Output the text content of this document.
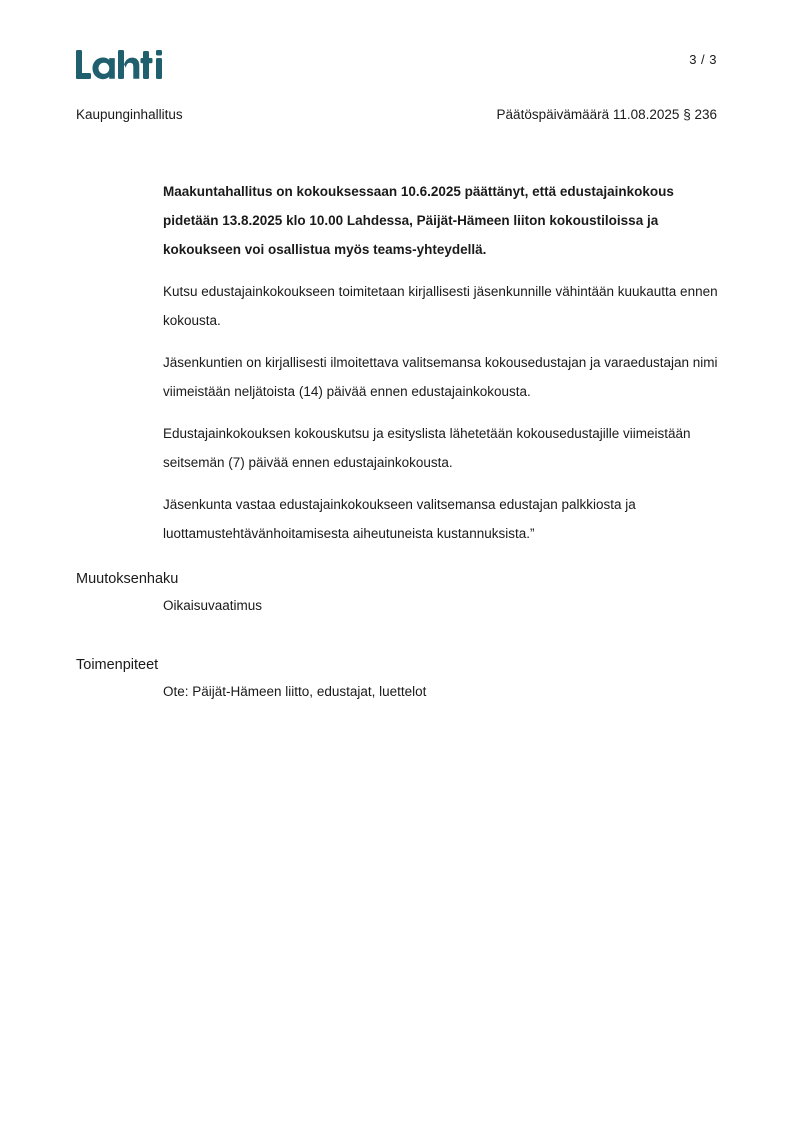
3 / 3
Kaupunginhallitus	Päätöspäivämäärä 11.08.2025 § 236

Maakuntahallitus on kokouksessaan 10.6.2025 päättänyt, että edustajainkokous pidetään 13.8.2025 klo 10.00 Lahdessa, Päijät-Hämeen liiton kokoustiloissa ja kokoukseen voi osallistua myös teams-yhteydellä.

Kutsu edustajainkokoukseen toimitetaan kirjallisesti jäsenkunnille vähintään kuukautta ennen kokousta.

Jäsenkuntien on kirjallisesti ilmoitettava valitsemansa kokousedustajan ja varaedustajan nimi viimeistään neljätoista (14) päivää ennen edustajainkokousta.

Edustajainkokouksen kokouskutsu ja esityslista lähetetään kokousedustajille viimeistään seitsemän (7) päivää ennen edustajainkokousta.

Jäsenkunta vastaa edustajainkokoukseen valitsemansa edustajan palkkiosta ja luottamustehtävänhoitamisesta aiheutuneista kustannuksista.”

Muutoksenhaku
Oikaisuvaatimus
Toimenpiteet
Ote: Päijät-Hämeen liitto, edustajat, luettelot
